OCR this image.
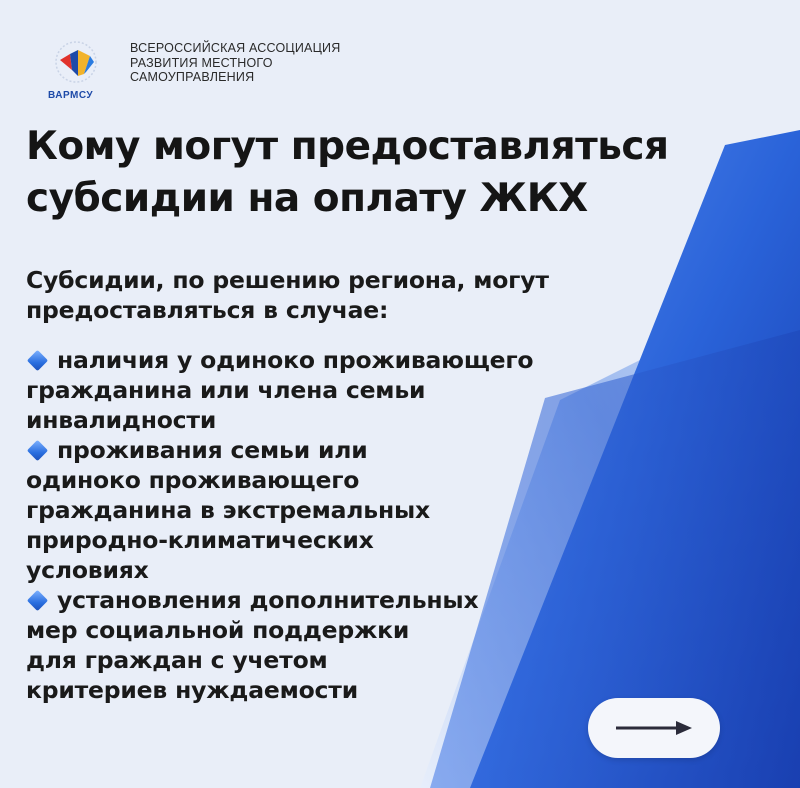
ВАРМСУ
ВСЕРОССИЙСКАЯ АССОЦИАЦИЯ
РАЗВИТИЯ МЕСТНОГО
САМОУПРАВЛЕНИЯ
Кому могут предоставляться
субсидии на оплату ЖКХ
Субсидии, по решению региона, могут
предоставляться в случае:
наличия у одиноко проживающего
гражданина или члена семьи
инвалидности
проживания семьи или
одиноко проживающего
гражданина в экстремальных
природно-климатических
условиях
установления дополнительных
мер социальной поддержки
для граждан с учетом
критериев нуждаемости
